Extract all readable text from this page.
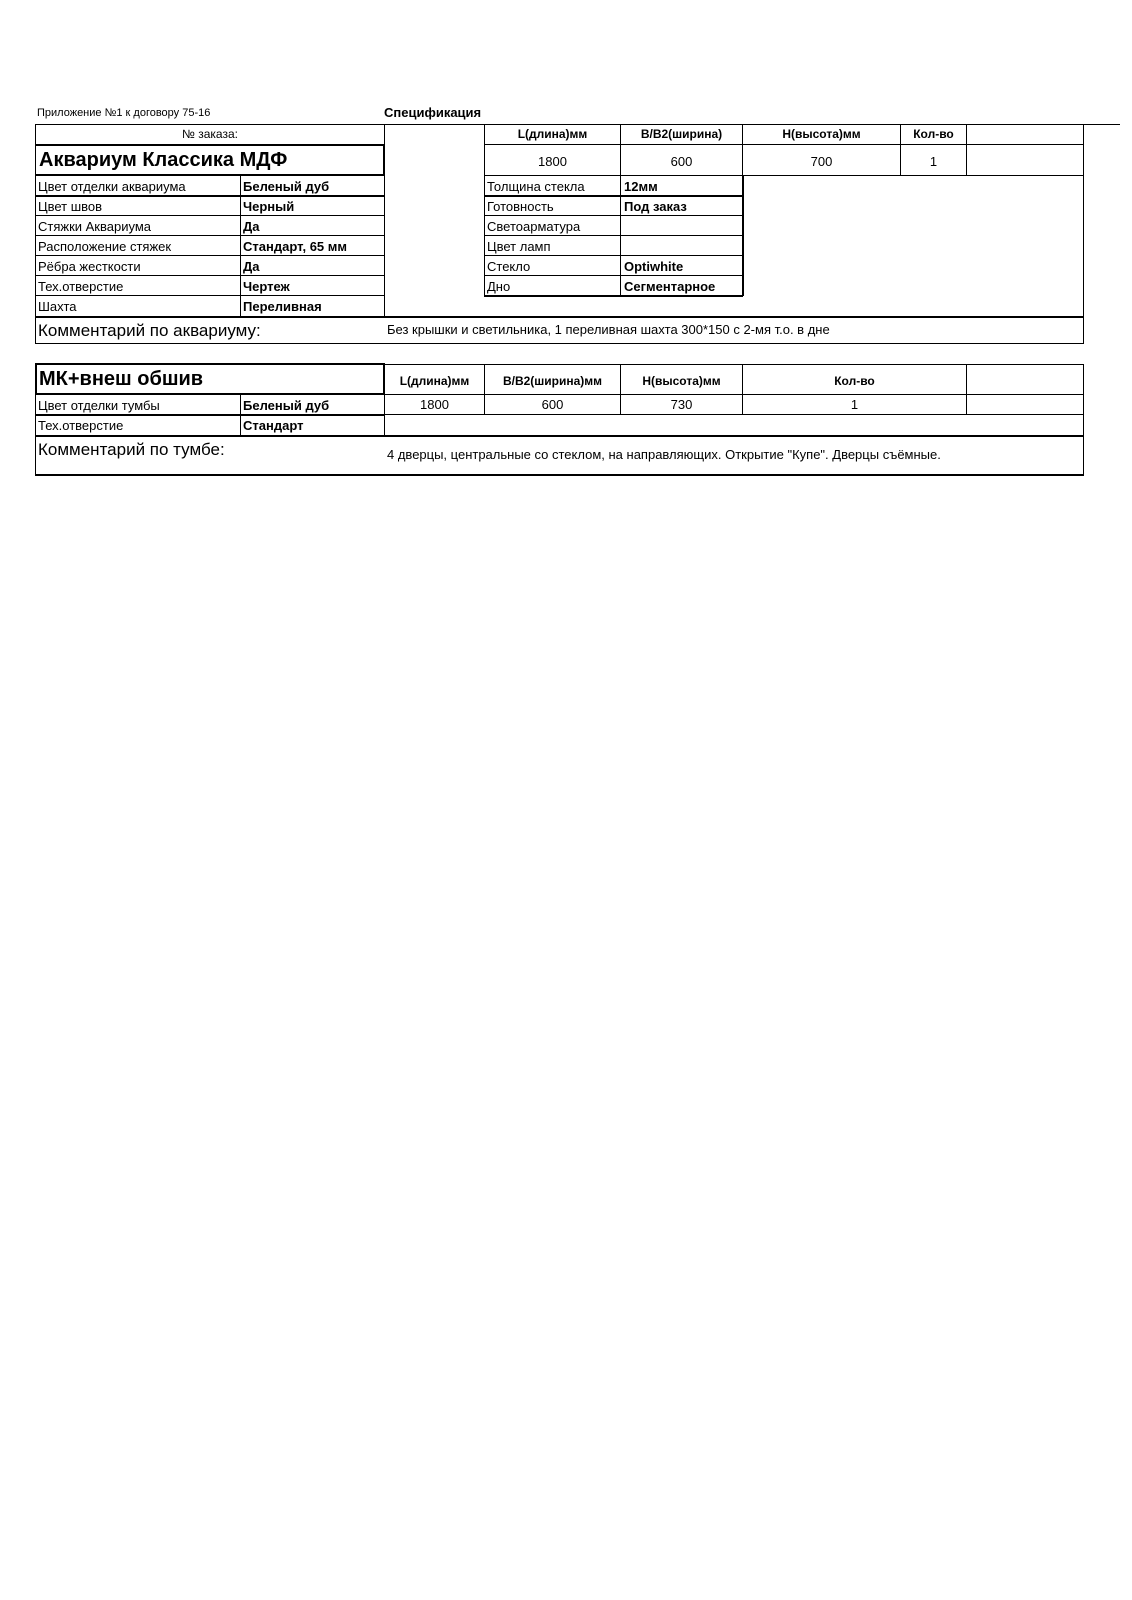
Приложение №1 к договору 75-16	Спецификация
№ заказа:
Аквариум Классика МДФ
L(длина)мм	B/B2(ширина)	H(высота)мм	Кол-во
1800	600	700	1
Цвет отделки аквариума	Беленый дуб
Цвет швов	Черный
Стяжки Аквариума	Да
Расположение стяжек	Стандарт, 65 мм
Рёбра жесткости	Да
Тех.отверстие	Чертеж
Шахта	Переливная
Толщина стекла	12мм
Готовность	Под заказ
Светоарматура
Цвет ламп
Стекло	Optiwhite
Дно	Сегментарное
Комментарий по аквариуму:	Без крышки и светильника, 1 переливная шахта 300*150 с 2-мя т.о. в дне
МК+внеш обшив	L(длина)мм	B/B2(ширина)мм	H(высота)мм	Кол-во
1800	600	730	1
Цвет отделки тумбы	Беленый дуб
Тех.отверстие	Стандарт
Комментарий по тумбе:	4 дверцы, центральные со стеклом, на направляющих. Открытие "Купе". Дверцы съёмные.
